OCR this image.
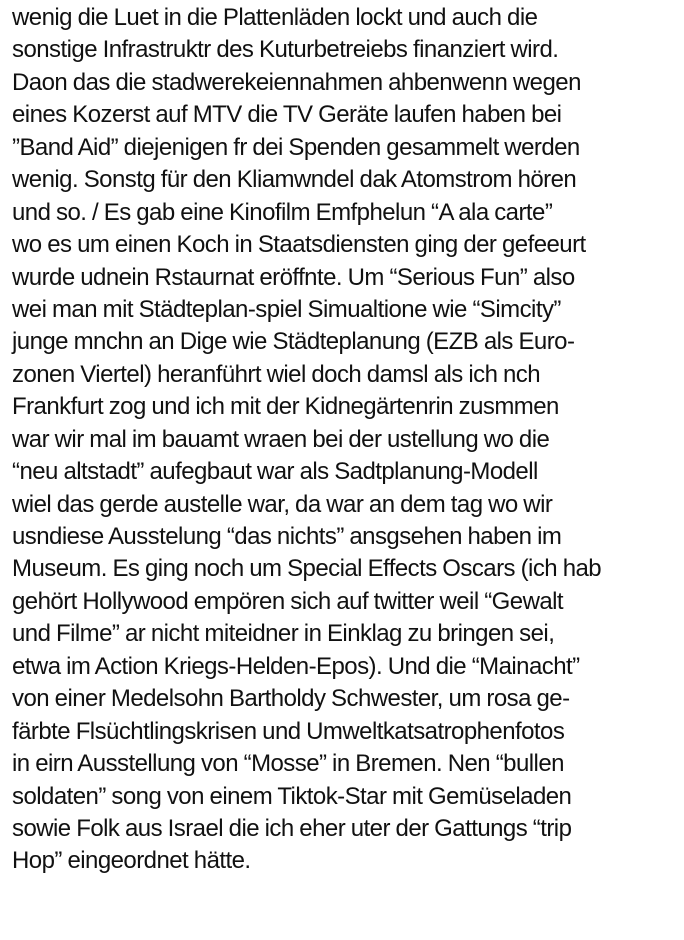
wenig die Luet in die Plattenläden lockt und auch die
sonstige Infrastruktr des Kuturbetreiebs finanziert wird.
Daon das die stadwerekeiennahmen ahbenwenn wegen
eines Kozerst auf MTV die TV Geräte laufen haben bei
”Band Aid” diejenigen fr dei Spenden gesammelt werden
wenig. Sonstg für den Kliamwndel dak Atomstrom hören
und so. / Es gab eine Kinofilm Emfphelun “A ala carte”
wo es um einen Koch in Staatsdiensten ging der gefeeurt
wurde udnein Rstaurnat eröffnte. Um “Serious Fun” also
wei man mit Städteplan-spiel Simualtione wie “Simcity”
junge mnchn an Dige wie Städteplanung (EZB als Euro-
zonen Viertel) heranführt wiel doch damsl als ich nch
Frankfurt zog und ich mit der Kidnegärtenrin zusmmen
war wir mal im bauamt wraen bei der ustellung wo die
“neu altstadt” aufegbaut war als Sadtplanung-Modell
wiel das gerde austelle war, da war an dem tag wo wir
usndiese Ausstelung “das nichts” ansgsehen haben im
Museum. Es ging noch um Special Effects Oscars (ich hab
gehört Hollywood empören sich auf twitter weil “Gewalt
und Filme” ar nicht miteidner in Einklag zu bringen sei,
etwa im Action Kriegs-Helden-Epos). Und die “Mainacht”
von einer Medelsohn Bartholdy Schwester, um rosa ge-
färbte Flsüchtlingskrisen und Umweltkatsatrophenfotos
in eirn Ausstellung von “Mosse” in Bremen. Nen “bullen
soldaten” song von einem Tiktok-Star mit Gemüseladen
sowie Folk aus Israel die ich eher uter der Gattungs “trip
Hop” eingeordnet hätte.
